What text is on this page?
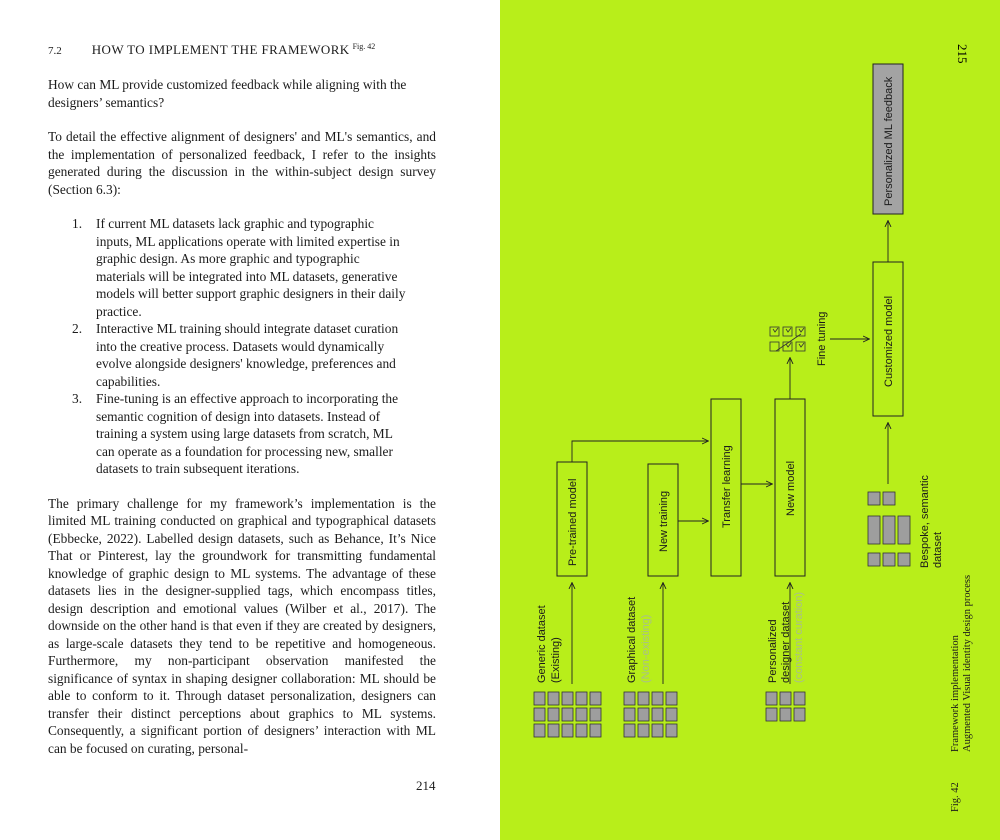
7.2 HOW TO IMPLEMENT THE FRAMEWORK $^{Fig. 42}$

How can ML provide customized feedback while aligning with the designers’ semantics?

To detail the effective alignment of designers' and ML's semantics, and the implementation of personalized feedback, I refer to the insights generated during the discussion in the within-subject design survey (Section 6.3):

1. If current ML datasets lack graphic and typographic inputs, ML applications operate with limited expertise in graphic design. As more graphic and typographic materials will be integrated into ML datasets, generative models will better support graphic designers in their daily practice.
2. Interactive ML training should integrate dataset curation into the creative process. Datasets would dynamically evolve alongside designers' knowledge, preferences and capabilities.
3. Fine-tuning is an effective approach to incorporating the semantic cognition of design into datasets. Instead of training a system using large datasets from scratch, ML can operate as a foundation for processing new, smaller datasets to train subsequent iterations.

The primary challenge for my framework’s implementation is the limited ML training conducted on graphical and typographical datasets (Ebbecke, 2022). Labelled design datasets, such as Behance, It’s Nice That or Pinterest, lay the groundwork for transmitting fundamental knowledge of graphic design to ML systems. The advantage of these datasets lies in the designer-supplied tags, which encompass titles, design description and emotional values (Wilber et al., 2017). The downside on the other hand is that even if they are created by designers, as large-scale datasets they tend to be repetitive and homogeneous. Furthermore, my non-participant observation manifested the significance of syntax in shaping designer collaboration: ML should be able to conform to it. Through dataset personalization, designers can transfer their distinct perceptions about graphics to ML systems. Consequently, a significant portion of designers’ interaction with ML can be focused on curating, personal-

214
Generic dataset (Existing)	Graphical dataset (Non-existing)	Personalized designer dataset (constant curation)
Pre-trained model	New training	Transfer learning	New model
Fine tuning
Bespoke, semantic dataset
Customized model
Personalized ML feedback
215
Fig. 42
Framework implementation Augmented Visual identity design process
